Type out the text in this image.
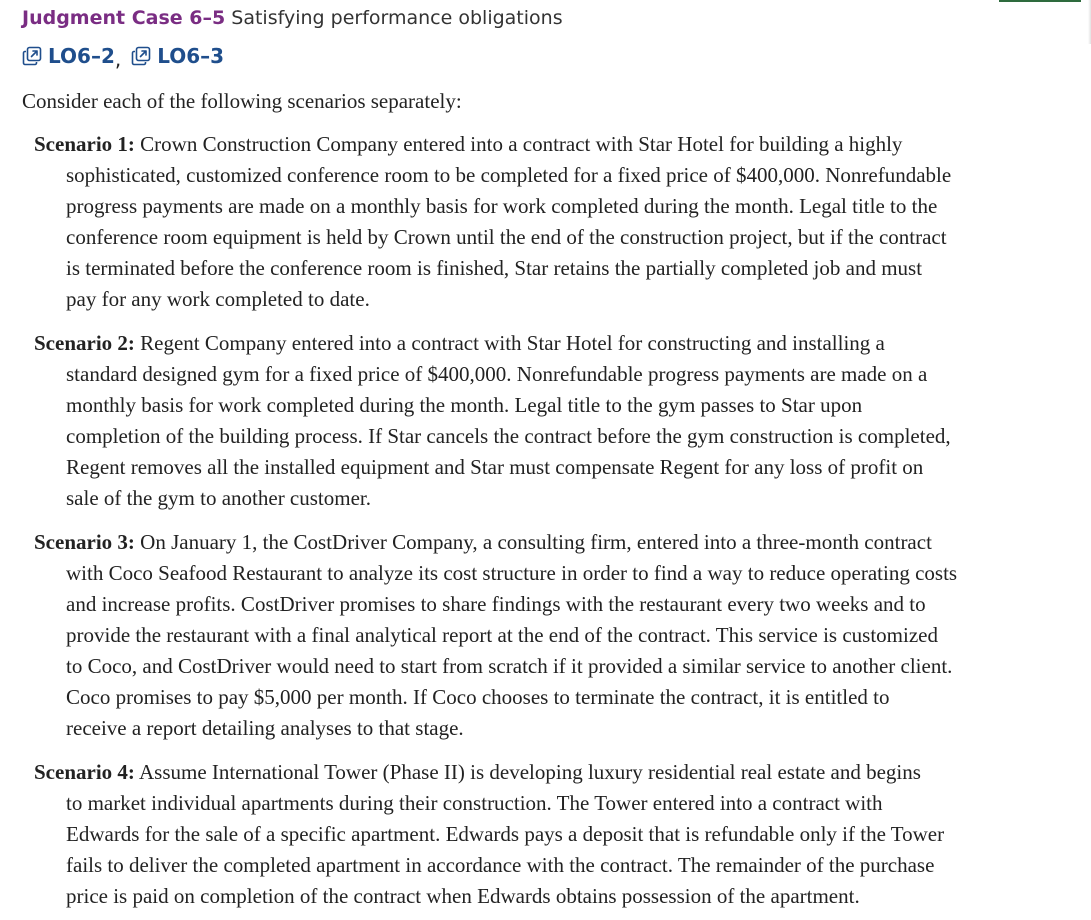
Judgment Case 6–5 Satisfying performance obligations
LO6–2 , LO6–3
Consider each of the following scenarios separately:
Scenario 1: Crown Construction Company entered into a contract with Star Hotel for building a highly
sophisticated, customized conference room to be completed for a fixed price of $400,000. Nonrefundable
progress payments are made on a monthly basis for work completed during the month. Legal title to the
conference room equipment is held by Crown until the end of the construction project, but if the contract
is terminated before the conference room is finished, Star retains the partially completed job and must
pay for any work completed to date.
Scenario 2: Regent Company entered into a contract with Star Hotel for constructing and installing a
standard designed gym for a fixed price of $400,000. Nonrefundable progress payments are made on a
monthly basis for work completed during the month. Legal title to the gym passes to Star upon
completion of the building process. If Star cancels the contract before the gym construction is completed,
Regent removes all the installed equipment and Star must compensate Regent for any loss of profit on
sale of the gym to another customer.
Scenario 3: On January 1, the CostDriver Company, a consulting firm, entered into a three-month contract
with Coco Seafood Restaurant to analyze its cost structure in order to find a way to reduce operating costs
and increase profits. CostDriver promises to share findings with the restaurant every two weeks and to
provide the restaurant with a final analytical report at the end of the contract. This service is customized
to Coco, and CostDriver would need to start from scratch if it provided a similar service to another client.
Coco promises to pay $5,000 per month. If Coco chooses to terminate the contract, it is entitled to
receive a report detailing analyses to that stage.
Scenario 4: Assume International Tower (Phase II) is developing luxury residential real estate and begins
to market individual apartments during their construction. The Tower entered into a contract with
Edwards for the sale of a specific apartment. Edwards pays a deposit that is refundable only if the Tower
fails to deliver the completed apartment in accordance with the contract. The remainder of the purchase
price is paid on completion of the contract when Edwards obtains possession of the apartment.
